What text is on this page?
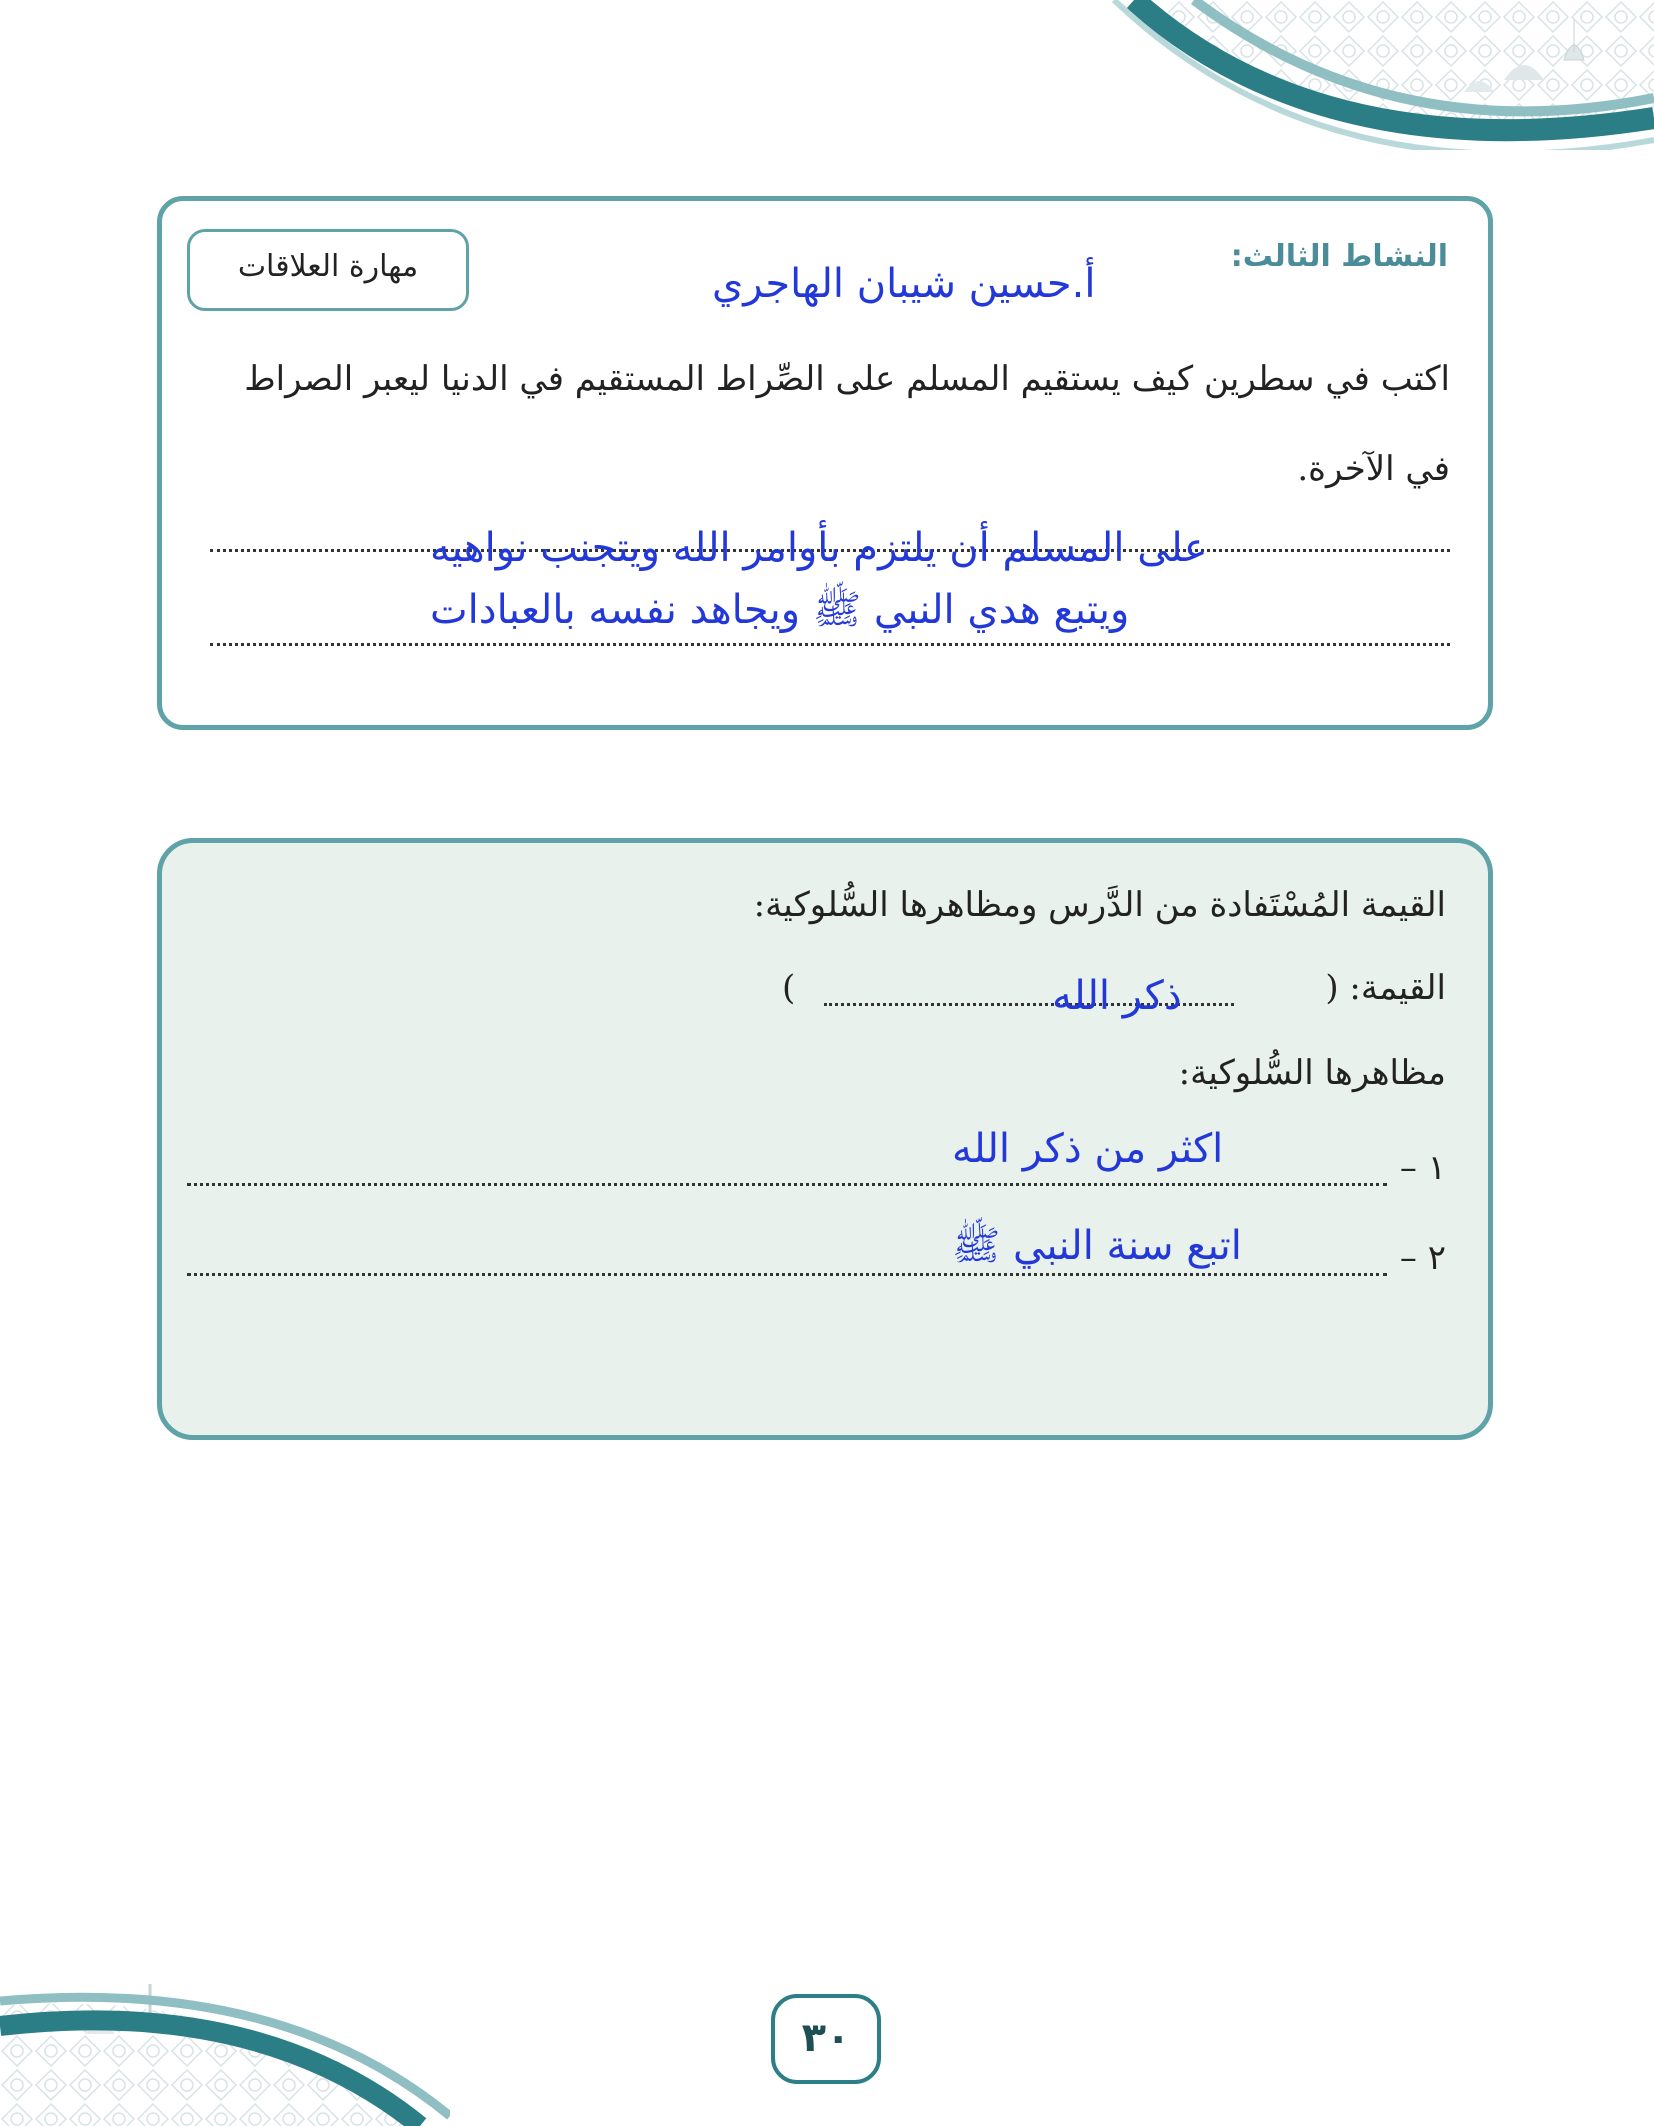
النشاط الثالث:
مهارة العلاقات	أ.حسين شيبان الهاجري
اكتب في سطرين كيف يستقيم المسلم على الصِّراط المستقيم في الدنيا ليعبر الصراط في الآخرة.
على المسلم أن يلتزم بأوامر الله ويتجنب نواهيه
ويتبع هدي النبي ﷺ ويجاهد نفسه بالعبادات
القيمة المُسْتَفادة من الدَّرس ومظاهرها السُّلوكية:
القيمة: (
)	ذكر الله
مظاهرها السُّلوكية:
١ –
اكثر من ذكر الله
٢ –
اتبع سنة النبي ﷺ
٣٠
